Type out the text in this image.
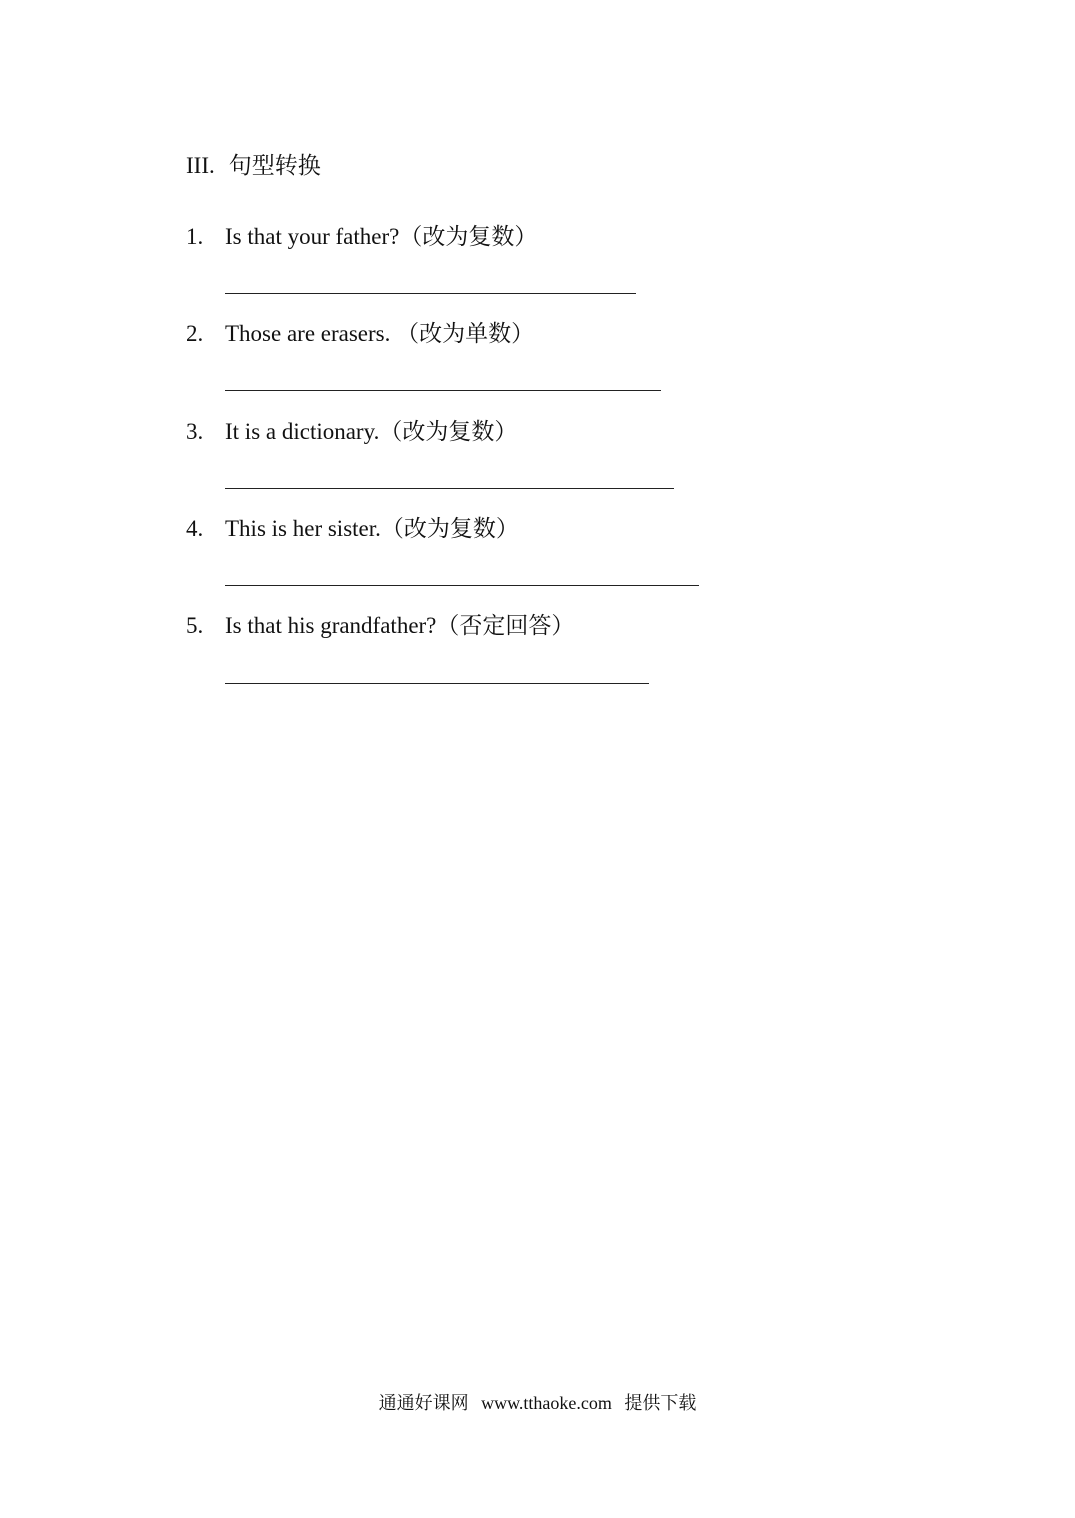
III. 句型转换
1. Is that your father?（改为复数）
2. Those are erasers. （改为单数）
3. It is a dictionary.（改为复数）
4. This is her sister.（改为复数）
5. Is that his grandfather?（否定回答）
通通好课网 www.tthaoke.com 提供下载
